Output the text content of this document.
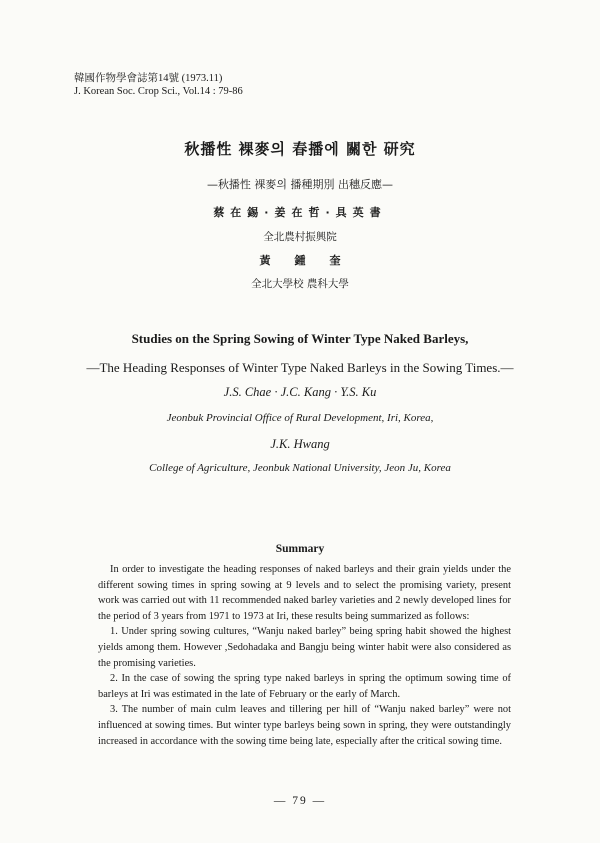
韓國作物學會誌第14號 (1973.11)
J. Korean Soc. Crop Sci., Vol.14 : 79-86
秋播性 裸麥의 春播에 關한 研究
—秋播性 裸麥의 播種期別 出穗反應—
蔡在錫·姜在哲·具英書
全北農村振興院
黃鍾奎
全北大學校 農科大學
Studies on the Spring Sowing of Winter Type Naked Barleys,
—The Heading Responses of Winter Type Naked Barleys in the Sowing Times.—
J.S. Chae · J.C. Kang · Y.S. Ku
Jeonbuk Provincial Office of Rural Development, Iri, Korea,
J.K. Hwang
College of Agriculture, Jeonbuk National University, Jeon Ju, Korea
Summary

In order to investigate the heading responses of naked barleys and their grain yields under the different sowing times in spring sowing at 9 levels and to select the promising variety, present work was carried out with 11 recommended naked barley varieties and 2 newly developed lines for the period of 3 years from 1971 to 1973 at Iri, these results being summarized as follows:

1. Under spring sowing cultures, “Wanju naked barley” being spring habit showed the highest yields among them. However ,Sedohadaka and Bangju being winter habit were also considered as the promising varieties.

2. In the case of sowing the spring type naked barleys in spring the optimum sowing time of barleys at Iri was estimated in the late of February or the early of March.

3. The number of main culm leaves and tillering per hill of “Wanju naked barley” were not influenced at sowing times. But winter type barleys being sown in spring, they were outstandingly increased in accordance with the sowing time being late, especially after the critical sowing time.

— 79 —
